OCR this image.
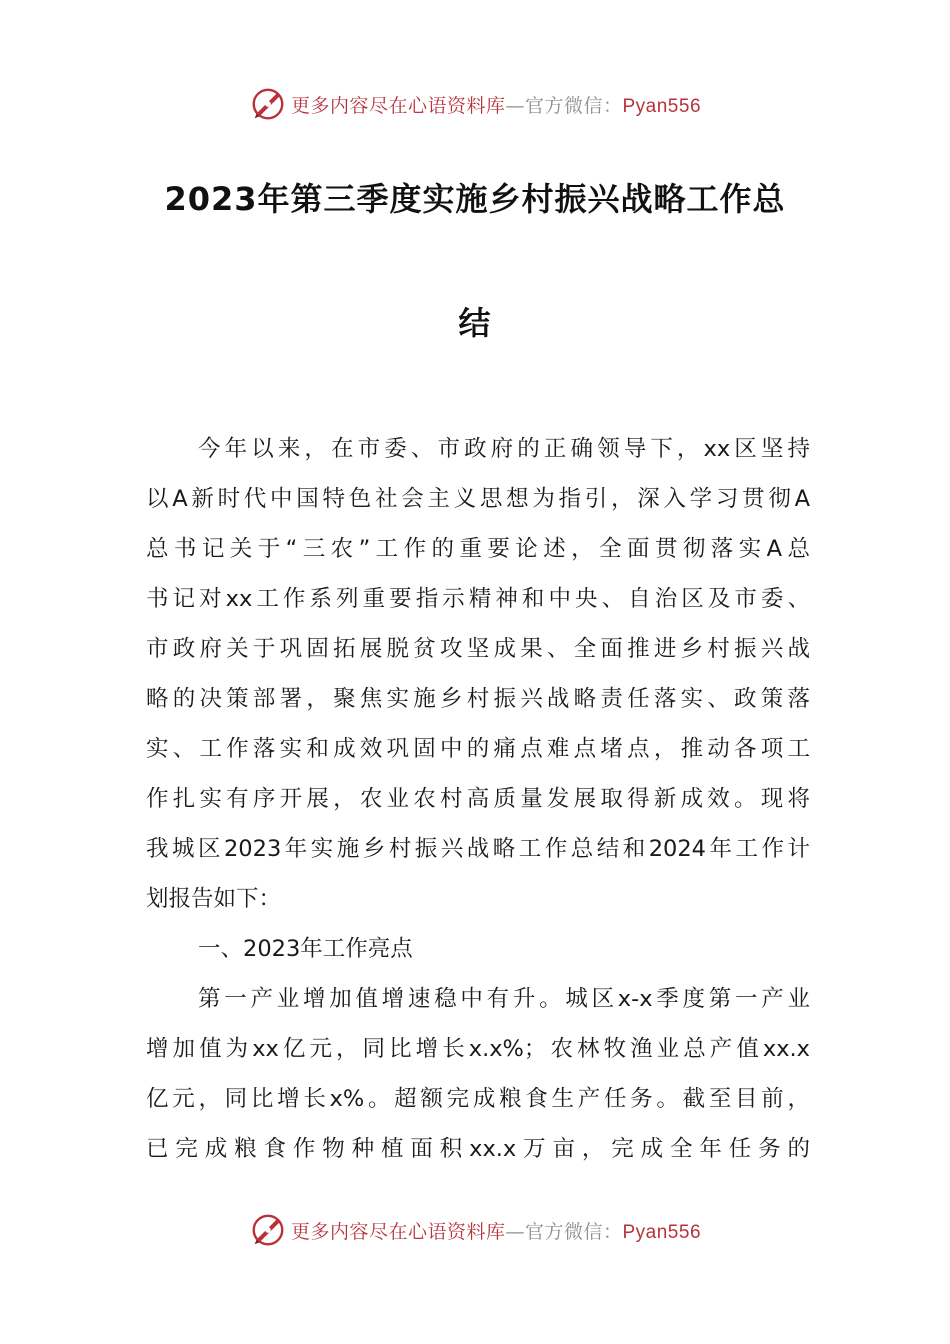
更多内容尽在心语资料库—官方微信：Pyan556
2023年第三季度实施乡村振兴战略工作总
结
今年以来，在市委、市政府的正确领导下，xx区坚持
以A新时代中国特色社会主义思想为指引，深入学习贯彻A
总书记关于“三农”工作的重要论述，全面贯彻落实A总
书记对xx工作系列重要指示精神和中央、自治区及市委、
市政府关于巩固拓展脱贫攻坚成果、全面推进乡村振兴战
略的决策部署，聚焦实施乡村振兴战略责任落实、政策落
实、工作落实和成效巩固中的痛点难点堵点，推动各项工
作扎实有序开展，农业农村高质量发展取得新成效。现将
我城区2023年实施乡村振兴战略工作总结和2024年工作计
划报告如下：
一、2023年工作亮点
第一产业增加值增速稳中有升。城区x-x季度第一产业
增加值为xx亿元，同比增长x.x%；农林牧渔业总产值xx.x
亿元，同比增长x%。超额完成粮食生产任务。截至目前，
已完成粮食作物种植面积xx.x万亩，完成全年任务的
更多内容尽在心语资料库—官方微信：Pyan556
